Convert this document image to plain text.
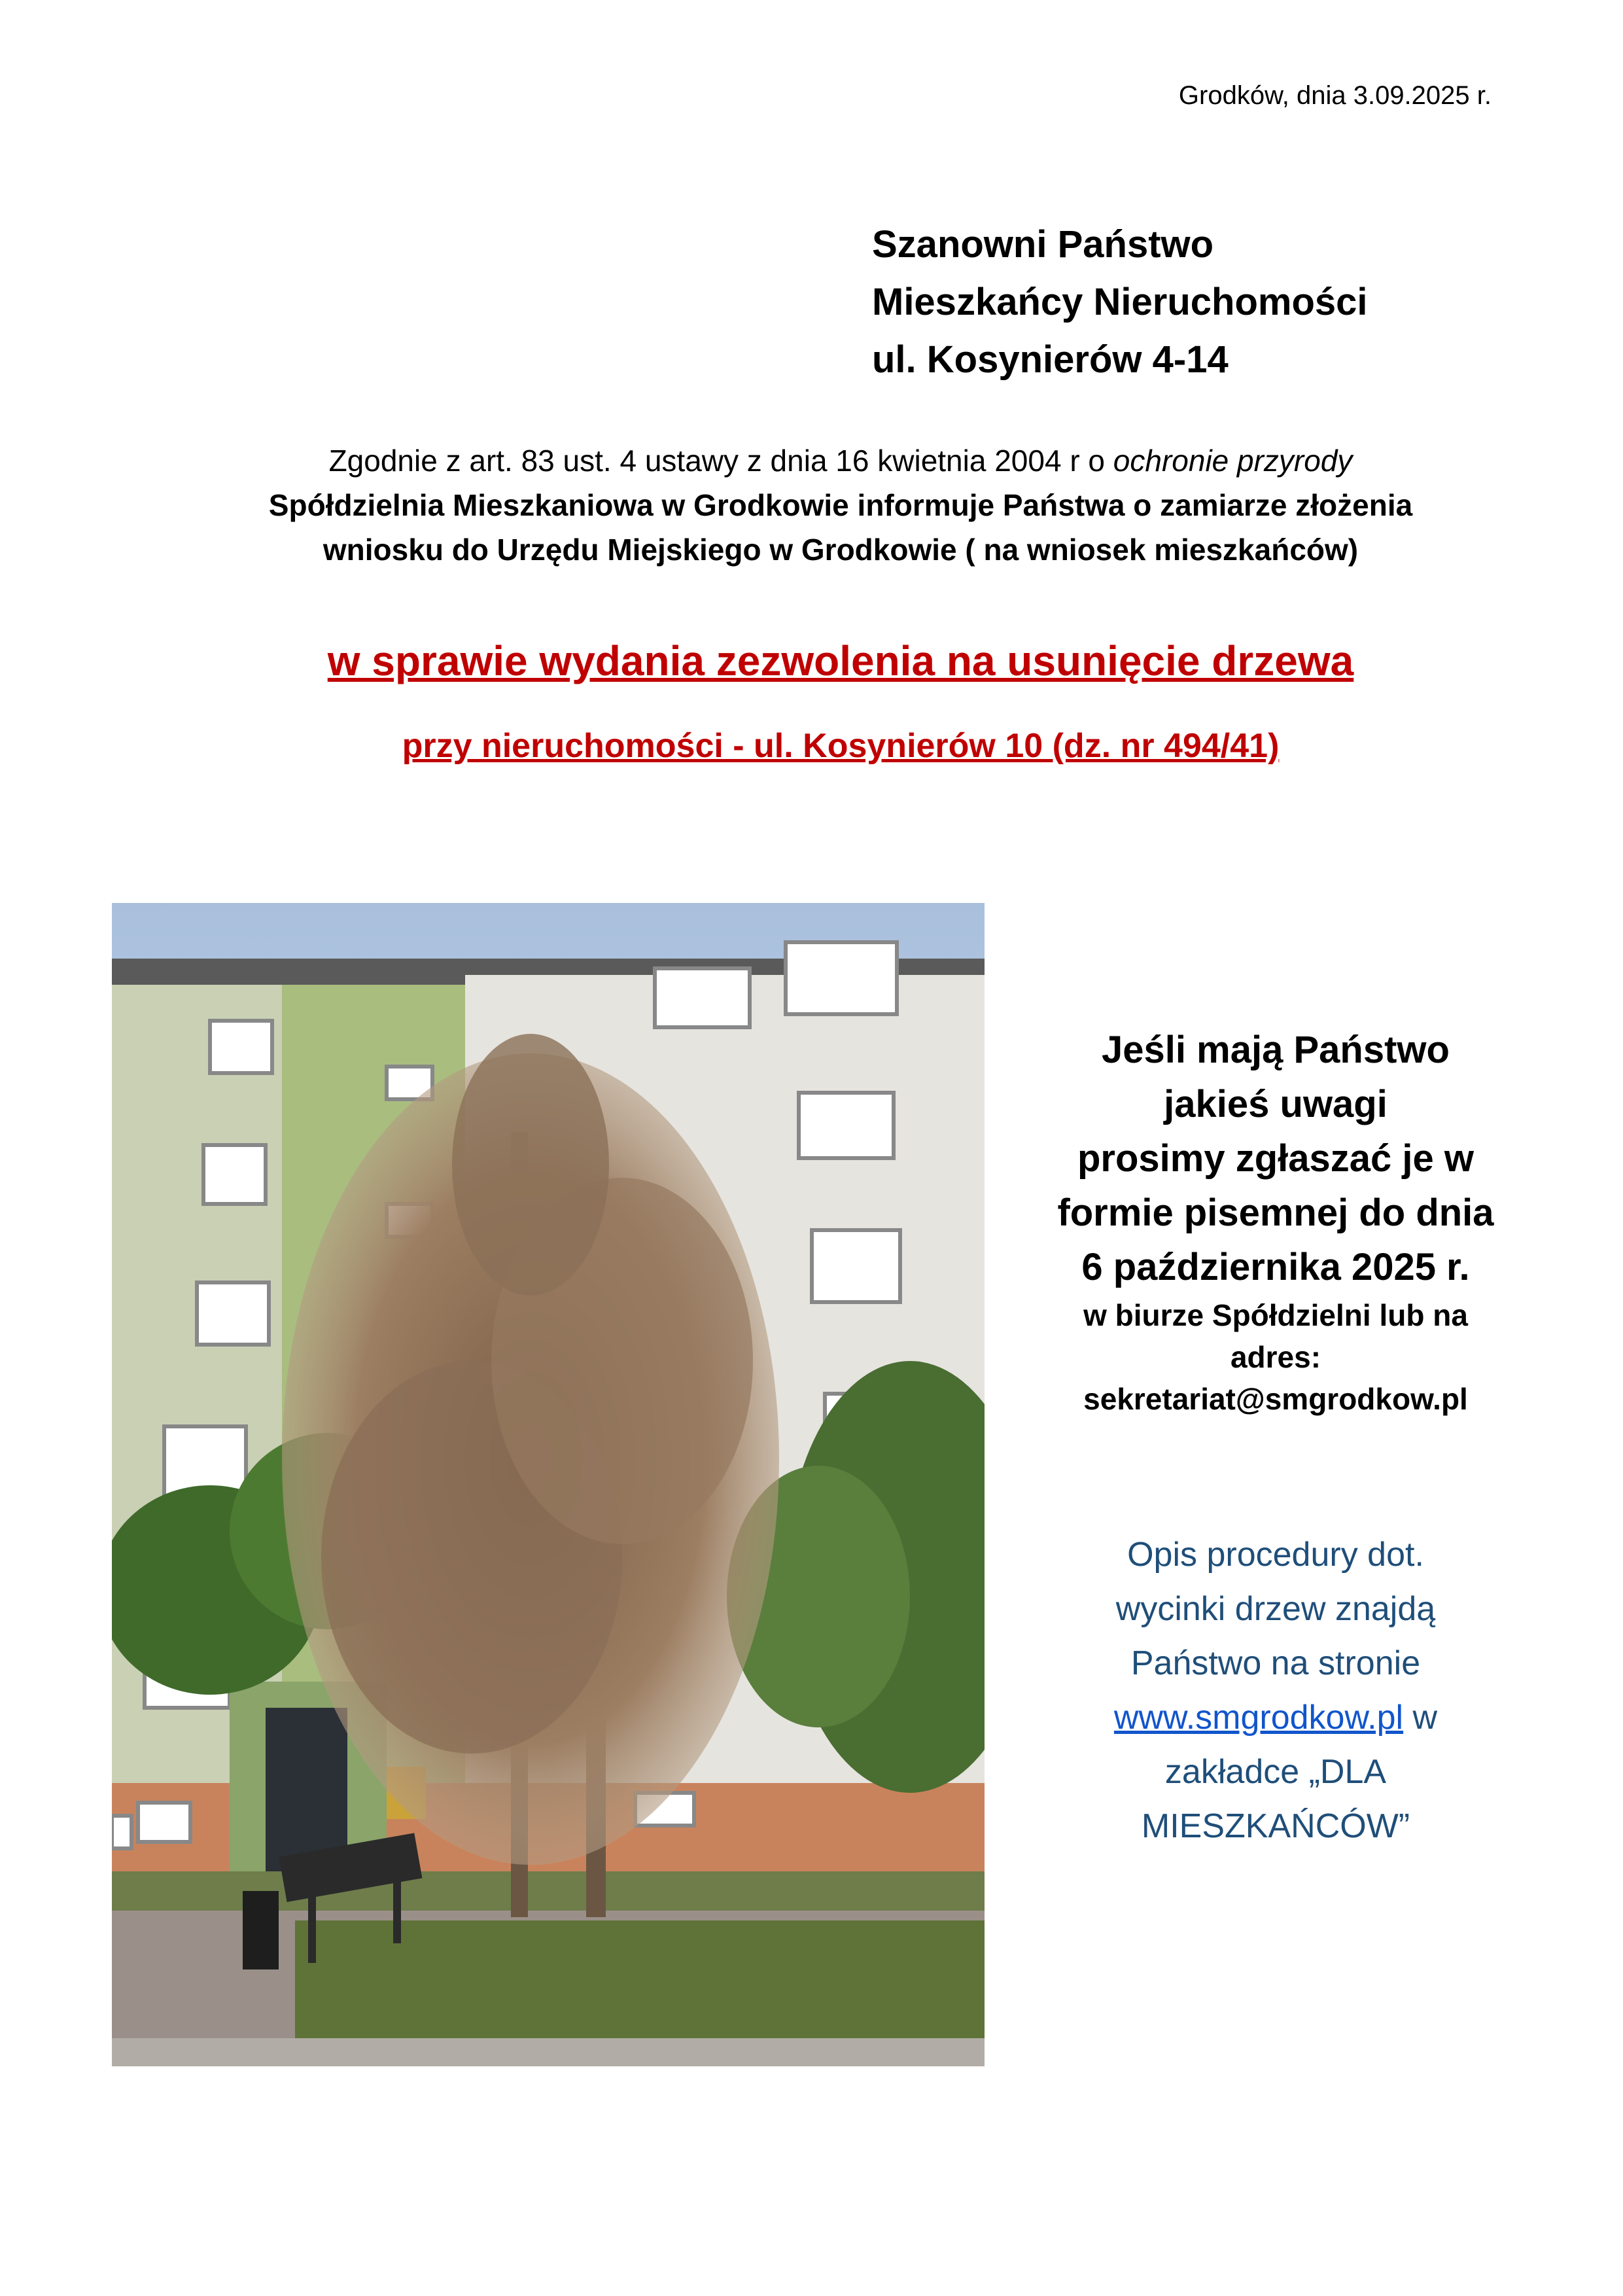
Grodków, dnia 3.09.2025 r.
Szanowni Państwo
Mieszkańcy Nieruchomości
ul. Kosynierów 4-14
Zgodnie z art. 83 ust. 4 ustawy z dnia 16 kwietnia 2004 r o ochronie przyrody
Spółdzielnia Mieszkaniowa w Grodkowie informuje Państwa o zamiarze złożenia
wniosku do Urzędu Miejskiego w Grodkowie ( na wniosek mieszkańców)
w sprawie wydania zezwolenia na usunięcie drzewa
przy nieruchomości - ul. Kosynierów 10 (dz. nr 494/41)
Jeśli mają Państwo
jakieś uwagi
prosimy zgłaszać je w
formie pisemnej do dnia
6 października 2025 r.
w biurze Spółdzielni lub na
adres:
sekretariat@smgrodkow.pl
Opis procedury dot.
wycinki drzew znajdą
Państwo na stronie
www.smgrodkow.pl w
zakładce „DLA
MIESZKAŃCÓW”
